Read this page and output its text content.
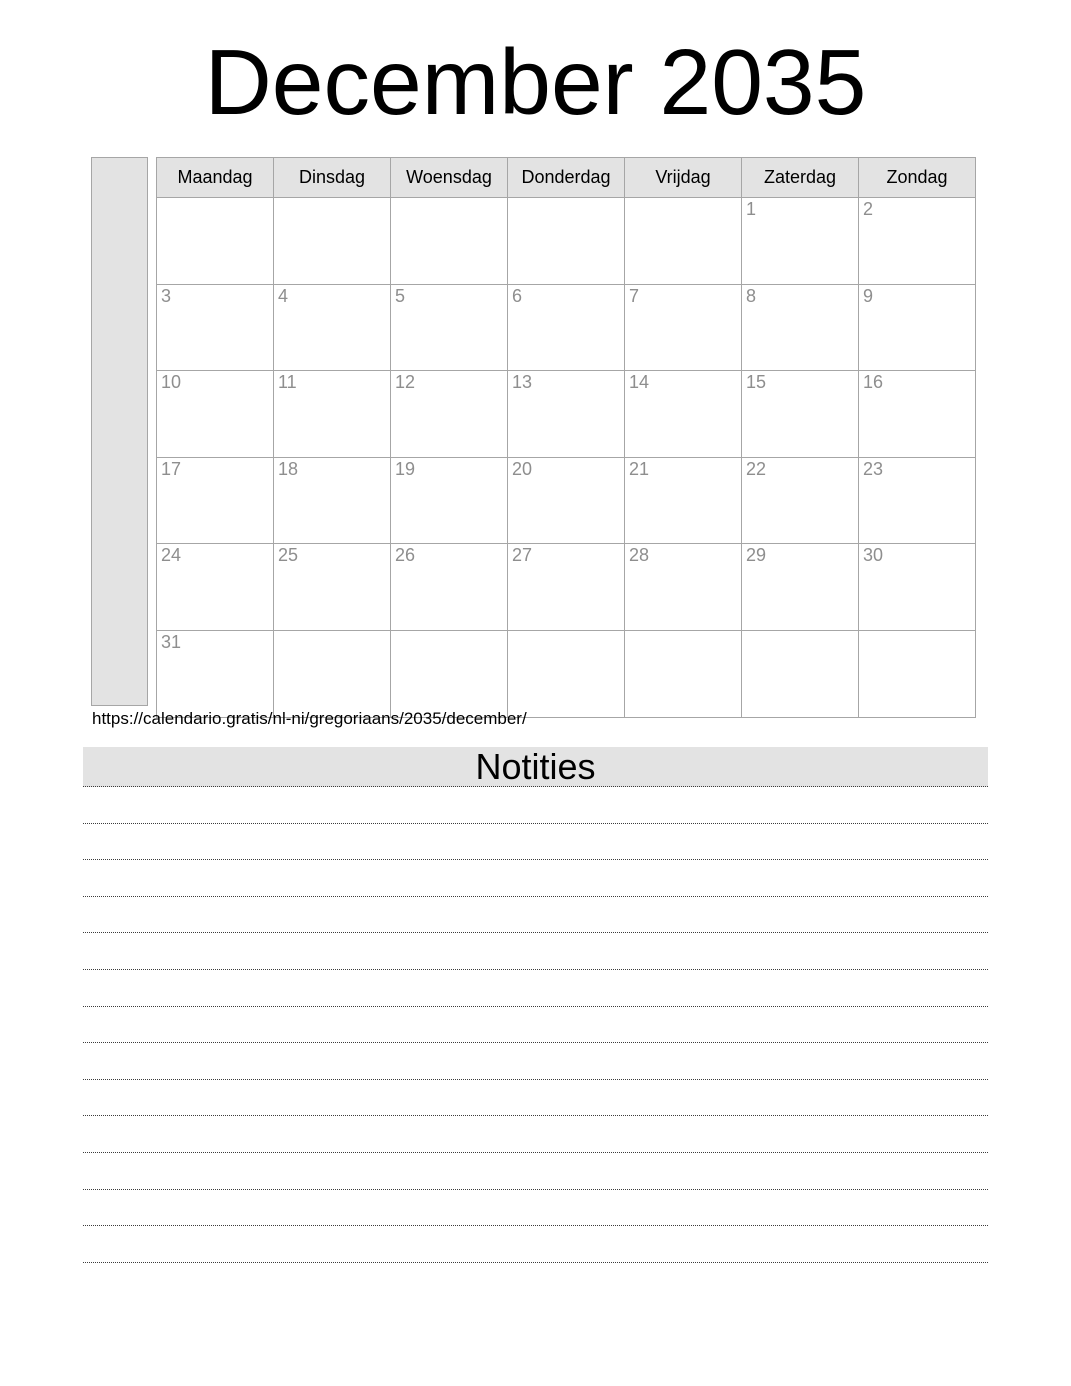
December 2035
Maandag	Dinsdag	Woensdag	Donderdag	Vrijdag	Zaterdag	Zondag
					1	2
3	4	5	6	7	8	9
10	11	12	13	14	15	16
17	18	19	20	21	22	23
24	25	26	27	28	29	30
31						
https://calendario.gratis/nl-ni/gregoriaans/2035/december/
Notities
